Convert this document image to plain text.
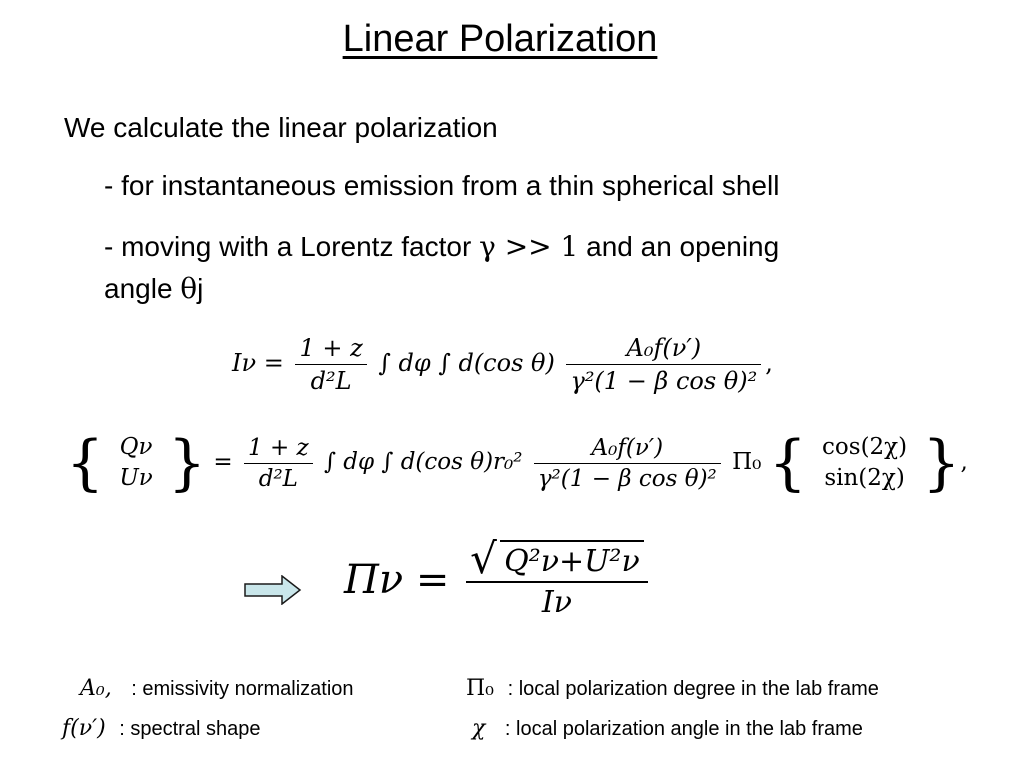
Linear Polarization
We calculate the linear polarization
- for instantaneous emission from a thin spherical shell
- moving with a Lorentz factor γ >> 1 and an opening
angle θj
$I\nu = \frac{1 + z}{\text{d²L}}$ ∫ dφ ∫ d(cos $\theta) \frac{\text{A₀f(ν′)}}{\text{γ²(1 − β cos θ)²}}$ ,
{ Qν
Uν } = $\frac{1 + z}{\text{d²L}}$ ∫ dφ ∫ d(cos $\theta)r_0^2 \frac{\text{A₀f(ν′)}}{\text{γ²(1 − β cos θ)²}} \Pi_0$ { cos(2χ)
sin(2χ) },
$\Pi\nu = \frac{\text{√ Q²ν+U²ν}}{I\nu}$
A₀, : emissivity normalization
f(ν′) : spectral shape
Π₀ : local polarization degree in the lab frame
χ : local polarization angle in the lab frame
